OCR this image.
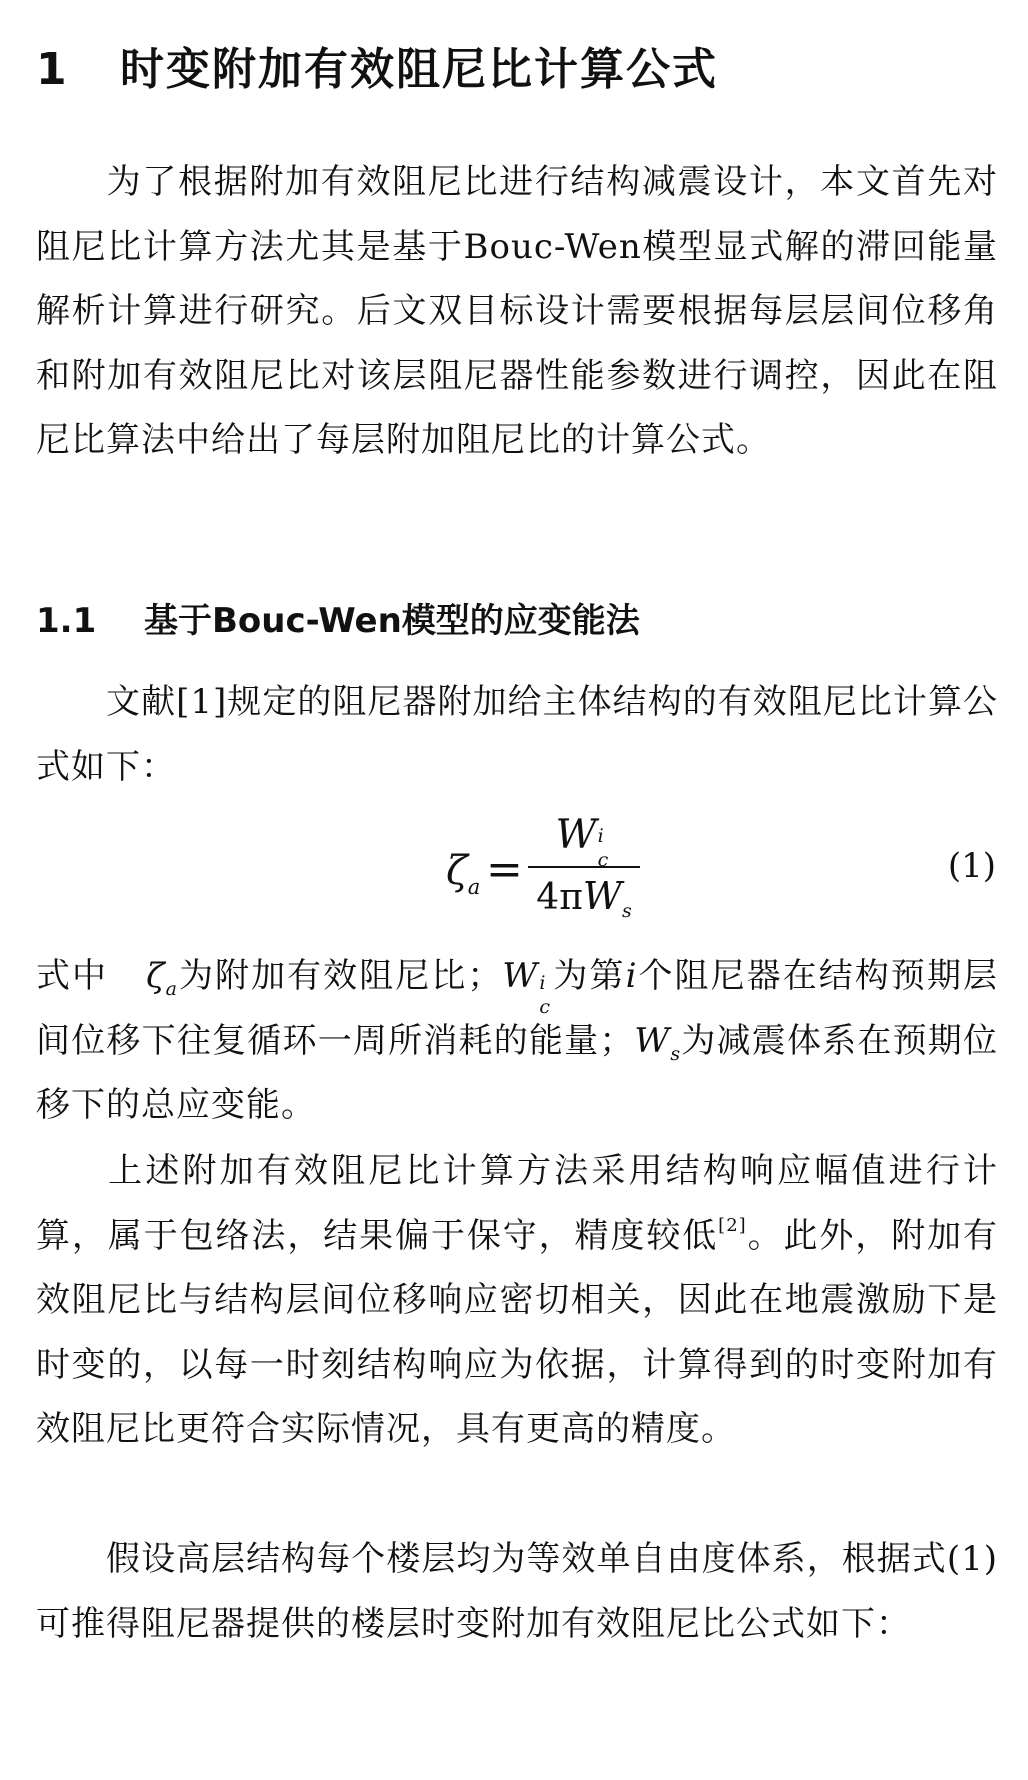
1 时变附加有效阻尼比计算公式

为了根据附加有效阻尼比进行结构减震设计，本文首先对阻尼比计算方法尤其是基于Bouc-Wen模型显式解的滞回能量解析计算进行研究。后文双目标设计需要根据每层层间位移角和附加有效阻尼比对该层阻尼器性能参数进行调控，因此在阻尼比算法中给出了每层附加阻尼比的计算公式。

1.1 基于Bouc-Wen模型的应变能法

文献[1]规定的阻尼器附加给主体结构的有效阻尼比计算公式如下：

$\zeta_a$ =
W i
c
$4\pi W_s$
(1)

式中 $\zeta_a$为附加有效阻尼比；W i
c
为第i个阻尼器在结构预期层间位移下往复循环一周所消耗的能量；$W_s$为减震体系在预期位移下的总应变能。

上述附加有效阻尼比计算方法采用结构响应幅值进行计算，属于包络法，结果偏于保守，精度较低[2]。此外，附加有效阻尼比与结构层间位移响应密切相关，因此在地震激励下是时变的，以每一时刻结构响应为依据，计算得到的时变附加有效阻尼比更符合实际情况，具有更高的精度。

假设高层结构每个楼层均为等效单自由度体系，根据式(1)可推得阻尼器提供的楼层时变附加有效阻尼比公式如下：
